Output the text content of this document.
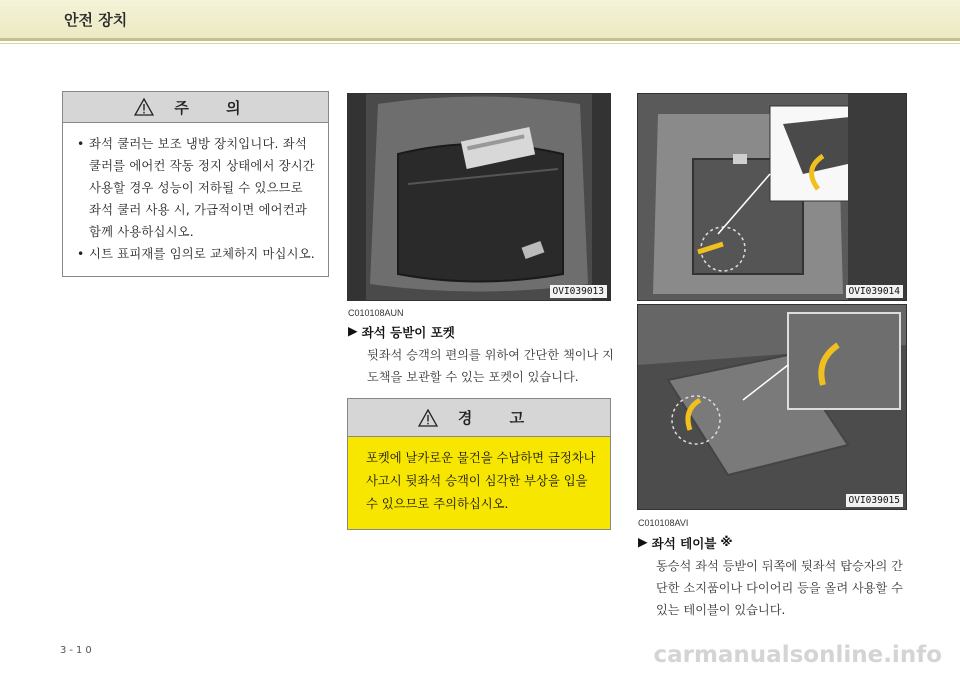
안전 장치
주 의
• 좌석 쿨러는 보조 냉방 장치입니다. 좌석 쿨러를 에어컨 작동 정지 상태에서 장시간 사용할 경우 성능이 저하될 수 있으므로 좌석 쿨러 사용 시, 가급적이면 에어컨과 함께 사용하십시오.
• 시트 표피재를 임의로 교체하지 마십시오.
OVI039013	OVI039014
OVI039015
C010108AUN
▶ 좌석 등받이 포켓
뒷좌석 승객의 편의를 위하여 간단한 책이나 지도책을 보관할 수 있는 포켓이 있습니다.
경 고
포켓에 날카로운 물건을 수납하면 급정차나 사고시 뒷좌석 승객이 심각한 부상을 입을 수 있으므로 주의하십시오.
C010108AVI
▶ 좌석 테이블 ※
동승석 좌석 등받이 뒤쪽에 뒷좌석 탑승자의 간단한 소지품이나 다이어리 등을 올려 사용할 수 있는 테이블이 있습니다.
3-10	carmanualsonline.info
